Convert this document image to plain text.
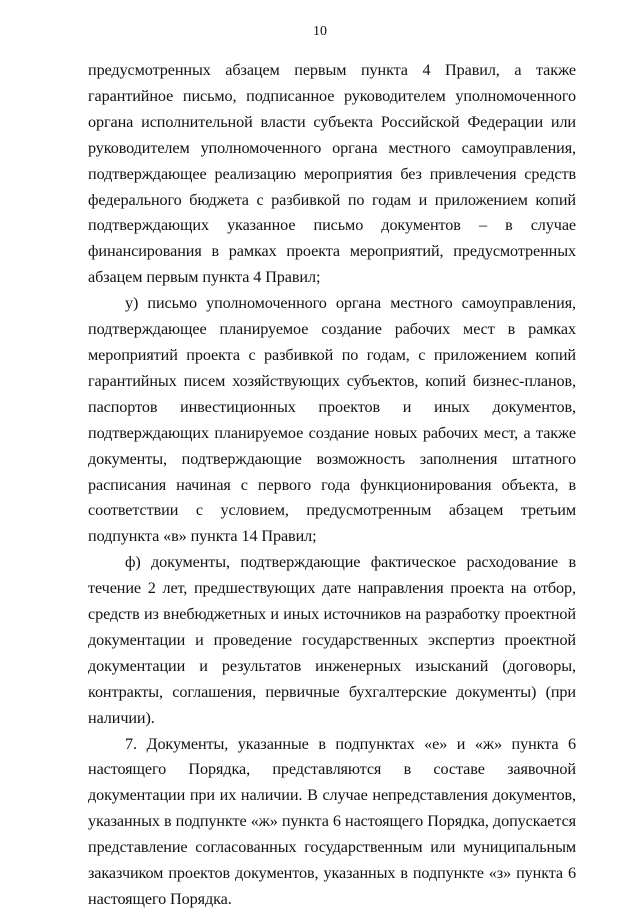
10

предусмотренных абзацем первым пункта 4 Правил, а также гарантийное письмо, подписанное руководителем уполномоченного органа исполнительной власти субъекта Российской Федерации или руководителем уполномоченного органа местного самоуправления, подтверждающее реализацию мероприятия без привлечения средств федерального бюджета с разбивкой по годам и приложением копий подтверждающих указанное письмо документов – в случае финансирования в рамках проекта мероприятий, предусмотренных абзацем первым пункта 4 Правил;

у) письмо уполномоченного органа местного самоуправления, подтверждающее планируемое создание рабочих мест в рамках мероприятий проекта с разбивкой по годам, с приложением копий гарантийных писем хозяйствующих субъектов, копий бизнес-планов, паспортов инвестиционных проектов и иных документов, подтверждающих планируемое создание новых рабочих мест, а также документы, подтверждающие возможность заполнения штатного расписания начиная с первого года функционирования объекта, в соответствии с условием, предусмотренным абзацем третьим подпункта «в» пункта 14 Правил;

ф) документы, подтверждающие фактическое расходование в течение 2 лет, предшествующих дате направления проекта на отбор, средств из внебюджетных и иных источников на разработку проектной документации и проведение государственных экспертиз проектной документации и результатов инженерных изысканий (договоры, контракты, соглашения, первичные бухгалтерские документы) (при наличии).

7. Документы, указанные в подпунктах «е» и «ж» пункта 6 настоящего Порядка, представляются в составе заявочной документации при их наличии. В случае непредставления документов, указанных в подпункте «ж» пункта 6 настоящего Порядка, допускается представление согласованных государственным или муниципальным заказчиком проектов документов, указанных в подпункте «з» пункта 6 настоящего Порядка.
